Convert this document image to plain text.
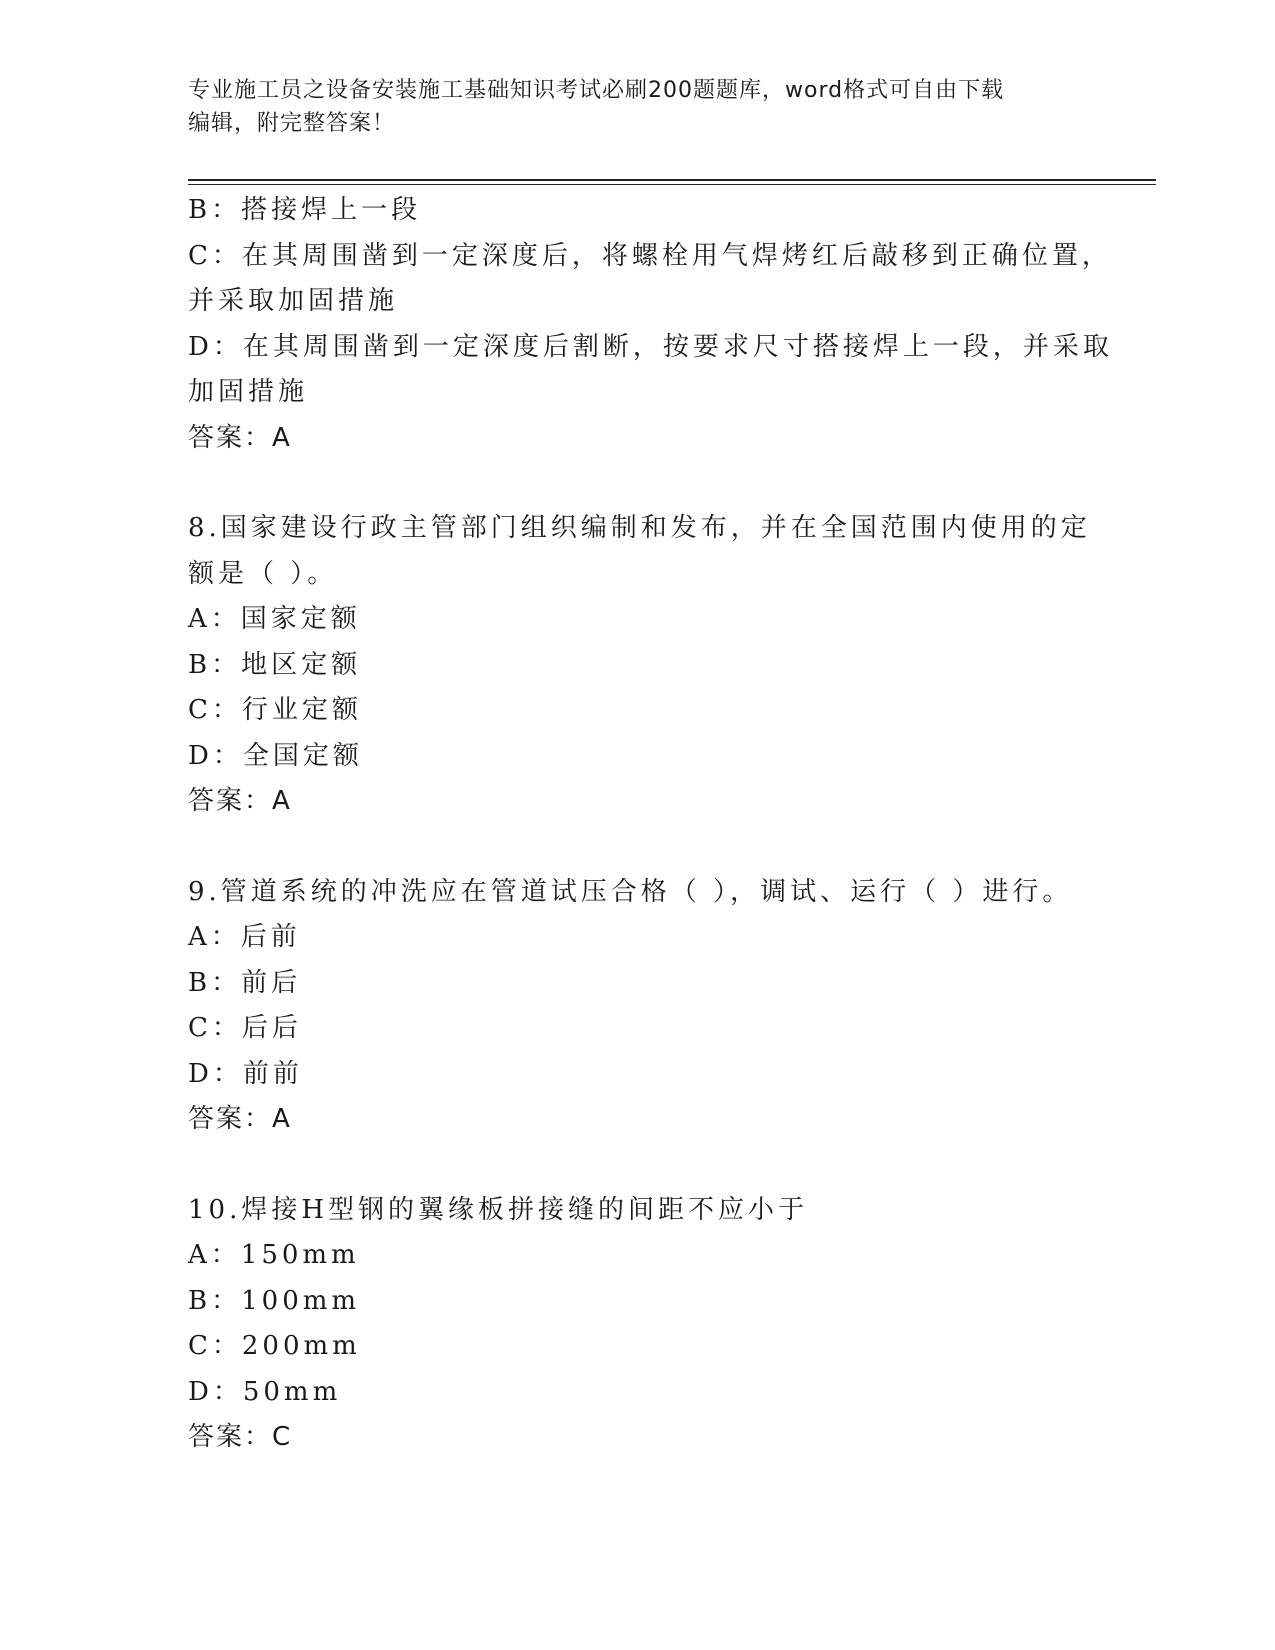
专业施工员之设备安装施工基础知识考试必刷200题题库，word格式可自由下载
编辑，附完整答案！
B：搭接焊上一段
C：在其周围凿到一定深度后，将螺栓用气焊烤红后敲移到正确位置，
并采取加固措施
D：在其周围凿到一定深度后割断，按要求尺寸搭接焊上一段，并采取
加固措施
答案：A
8.国家建设行政主管部门组织编制和发布，并在全国范围内使用的定
额是（ ）。
A：国家定额
B：地区定额
C：行业定额
D：全国定额
答案：A
9.管道系统的冲洗应在管道试压合格（ ），调试、运行（ ）进行。
A：后前
B：前后
C：后后
D：前前
答案：A
10.焊接H型钢的翼缘板拼接缝的间距不应小于
A：150mm
B：100mm
C：200mm
D：50mm
答案：C
